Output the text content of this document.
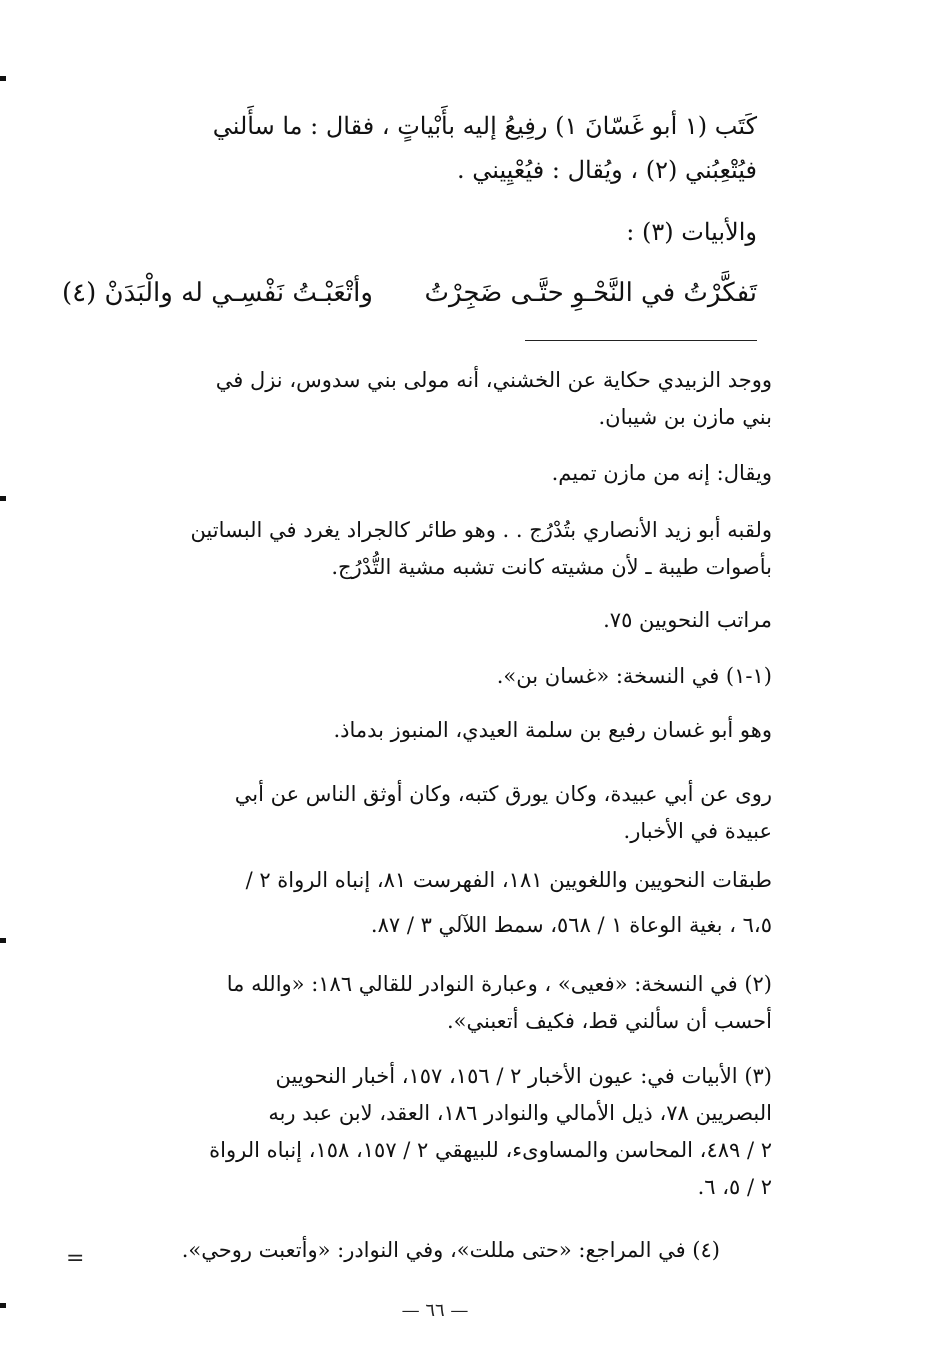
كَتَب (١ أبو غَسّانَ ١) رفِيعُ إليه بأَبْياتٍ ، فقال : ما سأَلني
فيُتْعِبُني (٢) ، ويُقال : فيُعْيِيني .
والأبيات (٣) :
تَفكَّرْتُ في النَّحْـوِ حتَّـى ضَجِرْتُ
وأتْعَبْـتُ نَفْسِـي له والْبَدَنْ (٤)
ووجد الزبيدي حكاية عن الخشني، أنه مولى بني سدوس، نزل في
بني مازن بن شيبان.
ويقال: إنه من مازن تميم.
ولقبه أبو زيد الأنصاري بتُدْرُج . . وهو طائر كالجراد يغرد في البساتين
بأصوات طيبة ـ لأن مشيته كانت تشبه مشية التُّدْرُج.
مراتب النحويين ٧٥.
(١-١) في النسخة: «غسان بن».
وهو أبو غسان رفيع بن سلمة العيدي، المنبوز بدماذ.
روى عن أبي عبيدة، وكان يورق كتبه، وكان أوثق الناس عن أبي
عبيدة في الأخبار.
طبقات النحويين واللغويين ١٨١، الفهرست ٨١، إنباه الرواة ٢ /
٦،٥ ، بغية الوعاة ١ / ٥٦٨، سمط اللآلي ٣ / ٨٧.
(٢) في النسخة: «فعيى» ، وعبارة النوادر للقالي ١٨٦: «والله ما
أحسب أن سألني قط، فكيف أتعبني».
(٣) الأبيات في: عيون الأخبار ٢ / ١٥٦، ١٥٧، أخبار النحويين
البصريين ٧٨، ذيل الأمالي والنوادر ١٨٦، العقد، لابن عبد ربه
٢ / ٤٨٩، المحاسن والمساوىء، للبيهقي ٢ / ١٥٧، ١٥٨، إنباه الرواة
٢ / ٥، ٦.
(٤) في المراجع: «حتى مللت»، وفي النوادر: «وأتعبت روحي».
=
— ٦٦ —
